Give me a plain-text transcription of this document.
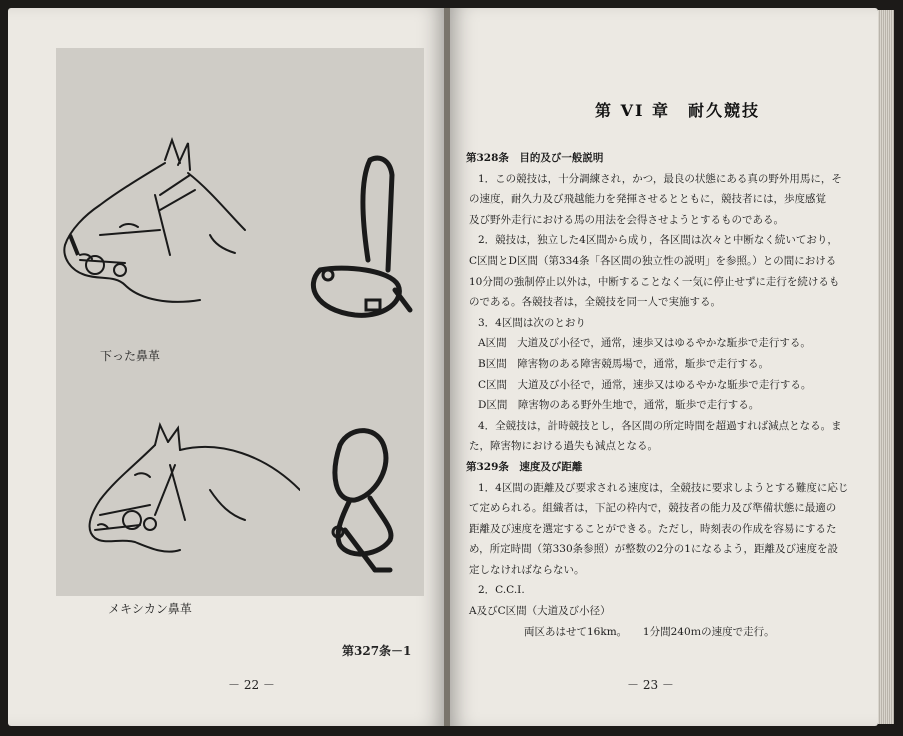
下った鼻革
メキシカン鼻革
第327条－1
－ 22 －
第 VI 章　耐久競技

第328条　目的及び一般説明

1．この競技は，十分調練され，かつ，最良の状態にある真の野外用馬に，そ

の速度，耐久力及び飛越能力を発揮させるとともに，競技者には，歩度感覚

及び野外走行における馬の用法を会得させようとするものである。

2．競技は，独立した4区間から成り，各区間は次々と中断なく続いており，

C区間とD区間（第334条「各区間の独立性の説明」を参照。）との間における

10分間の強制停止以外は，中断することなく一気に停止せずに走行を続けるも

のである。各競技者は，全競技を同一人で実施する。

3．4区間は次のとおり

A区間　大道及び小径で，通常，速歩又はゆるやかな駈歩で走行する。

B区間　障害物のある障害競馬場で，通常，駈歩で走行する。

C区間　大道及び小径で，通常，速歩又はゆるやかな駈歩で走行する。

D区間　障害物のある野外生地で，通常，駈歩で走行する。

4．全競技は，計時競技とし，各区間の所定時間を超過すれば減点となる。ま

た，障害物における過失も減点となる。

第329条　速度及び距離

1．4区間の距離及び要求される速度は，全競技に要求しようとする難度に応じ

て定められる。組織者は，下記の枠内で，競技者の能力及び準備状態に最適の

距離及び速度を選定することができる。ただし，時刻表の作成を容易にするた

め，所定時間（第330条参照）が整数の2分の1になるよう，距離及び速度を設

定しなければならない。

2．C.C.I.

A及びC区間（大道及び小径）

両区あはせて16km。　　1分間240ｍの速度で走行。

－ 23 －
